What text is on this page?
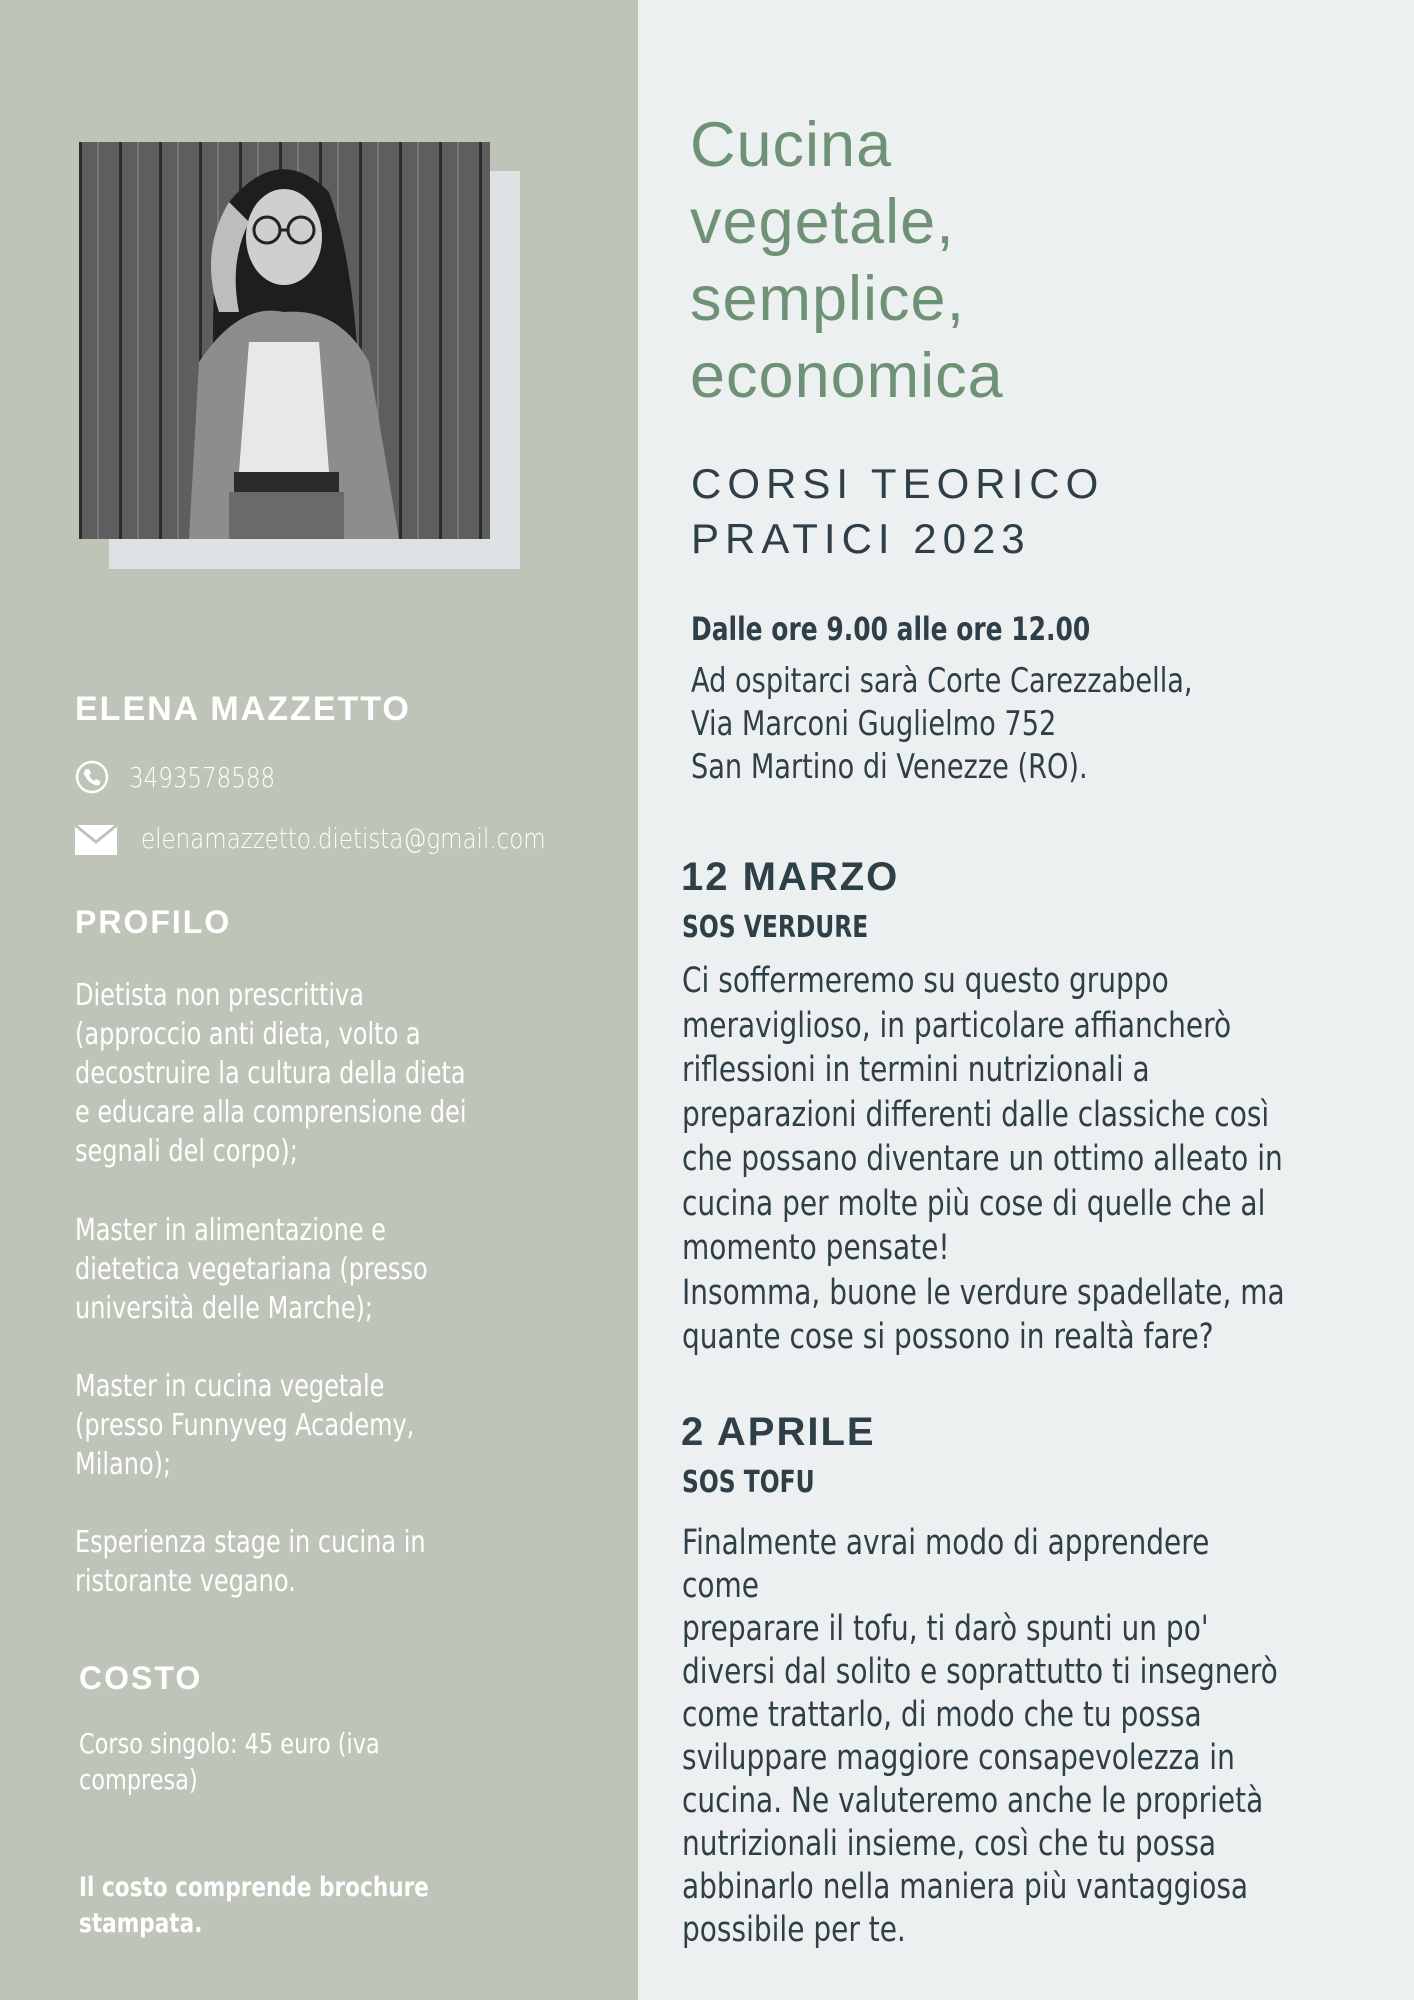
ELENA MAZZETTO
3493578588
elenamazzetto.dietista@gmail.com
PROFILO
Dietista non prescrittiva
(approccio anti dieta, volto a
decostruire la cultura della dieta
e educare alla comprensione dei
segnali del corpo);
Master in alimentazione e
dietetica vegetariana (presso
università delle Marche);
Master in cucina vegetale
(presso Funnyveg Academy,
Milano);
Esperienza stage in cucina in
ristorante vegano.
COSTO
Corso singolo: 45 euro (iva
compresa)
Il costo comprende brochure
stampata.
Cucina
vegetale,
semplice,
economica
CORSI TEORICO
PRATICI 2023
Dalle ore 9.00 alle ore 12.00
Ad ospitarci sarà Corte Carezzabella,
Via Marconi Guglielmo 752
San Martino di Venezze (RO).
12 MARZO
SOS VERDURE
Ci soffermeremo su questo gruppo
meraviglioso, in particolare affiancherò
riflessioni in termini nutrizionali a
preparazioni differenti dalle classiche così
che possano diventare un ottimo alleato in
cucina per molte più cose di quelle che al
momento pensate!
Insomma, buone le verdure spadellate, ma
quante cose si possono in realtà fare?
2 APRILE
SOS TOFU
Finalmente avrai modo di apprendere come
preparare il tofu, ti darò spunti un po'
diversi dal solito e soprattutto ti insegnerò
come trattarlo, di modo che tu possa
sviluppare maggiore consapevolezza in
cucina. Ne valuteremo anche le proprietà
nutrizionali insieme, così che tu possa
abbinarlo nella maniera più vantaggiosa
possibile per te.
